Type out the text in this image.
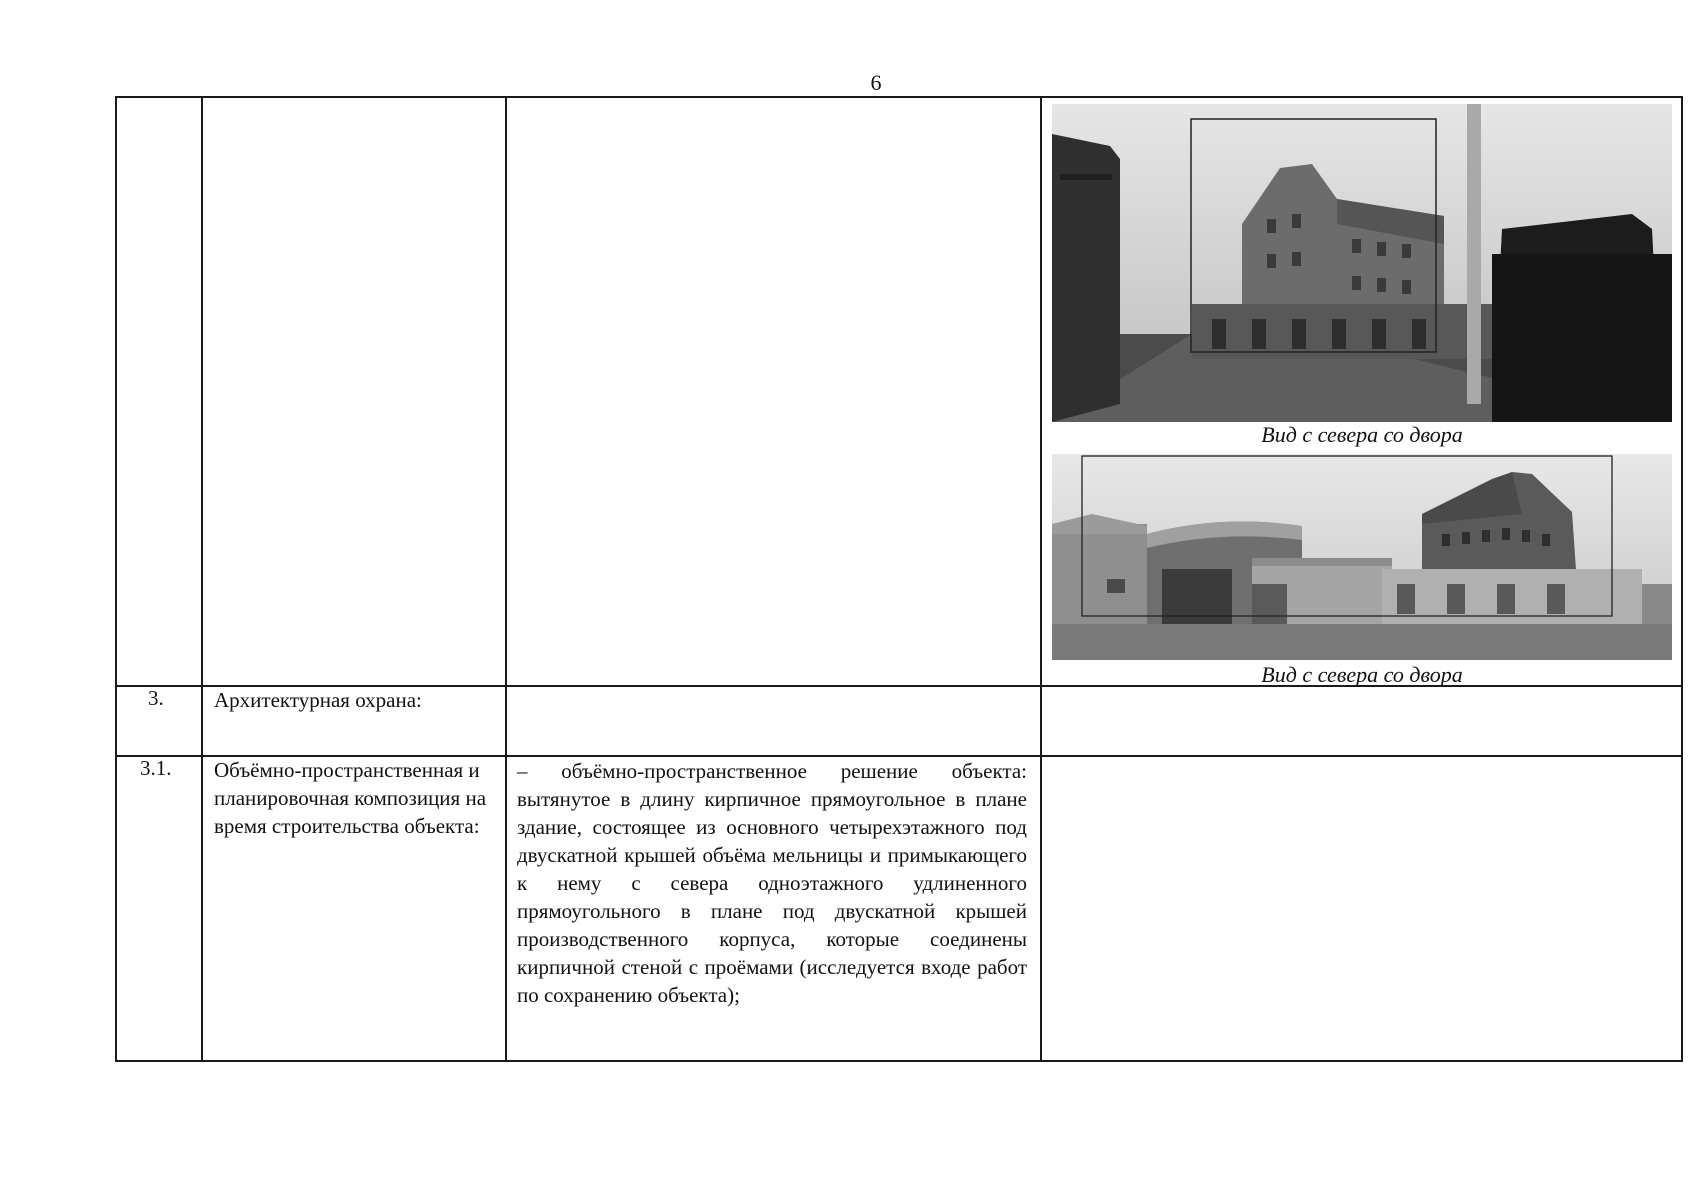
6
Вид с севера со двора
Вид с севера со двора
3. Архитектурная охрана:
3.1. Объёмно-пространственная и планировочная композиция на время строительства объекта:
– объёмно-пространственное решение объекта: вытянутое в длину кирпичное прямоугольное в плане здание, состоящее из основного четырехэтажного под двускатной крышей объёма мельницы и примыкающего к нему с севера одноэтажного удлиненного прямоугольного в плане под двускатной крышей производственного корпуса, которые соединены кирпичной стеной с проёмами (исследуется входе работ по сохранению объекта);
